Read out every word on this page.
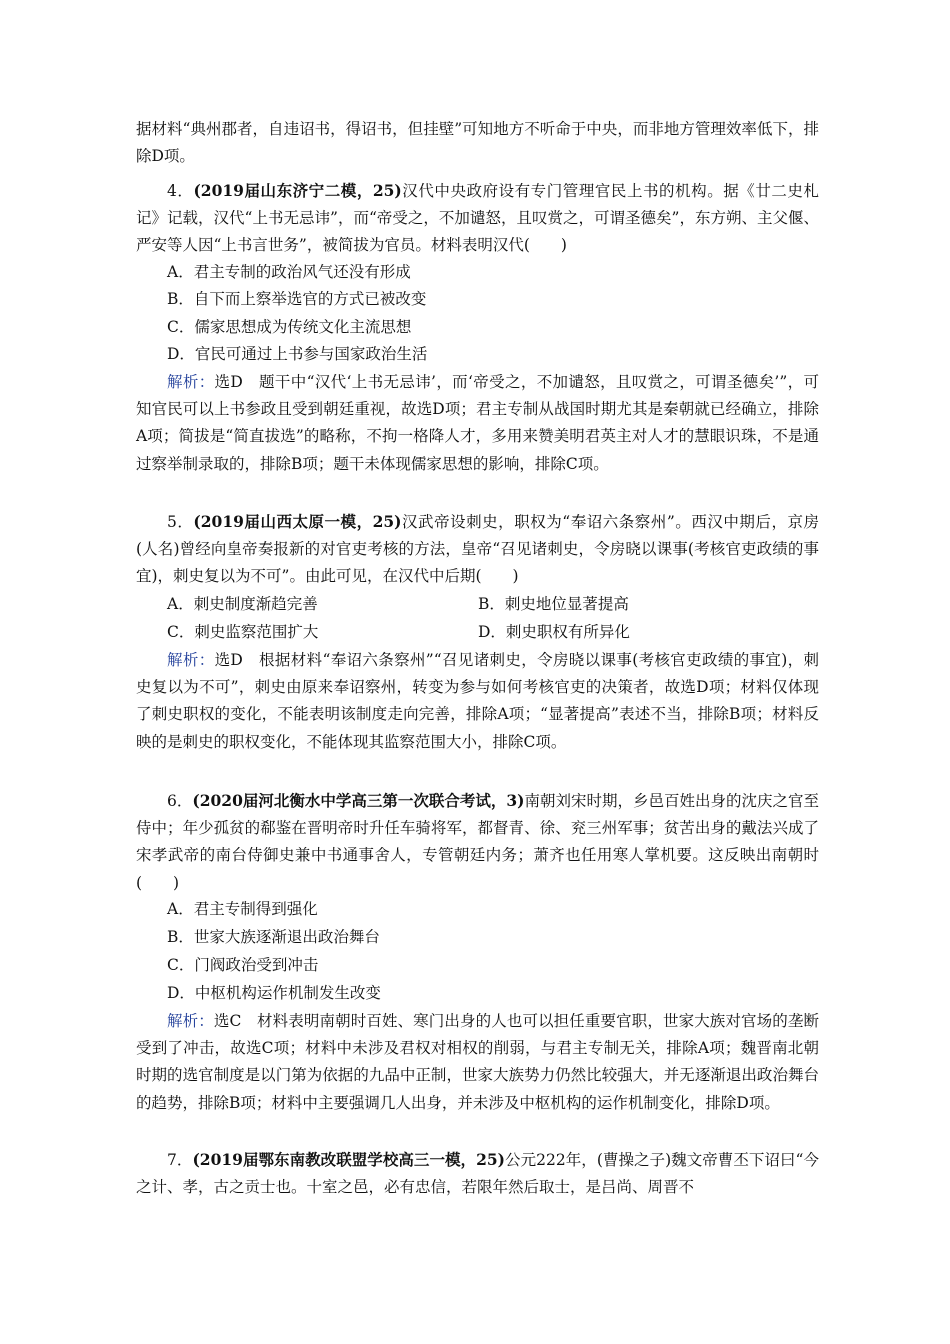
据材料“典州郡者，自违诏书，得诏书，但挂壁”可知地方不听命于中央，而非地方管理效率低下，排除D项。

4．(2019届山东济宁二模，25)汉代中央政府设有专门管理官民上书的机构。据《廿二史札记》记载，汉代“上书无忌讳”，而“帝受之，不加谴怒，且叹赏之，可谓圣德矣”，东方朔、主父偃、严安等人因“上书言世务”，被简拔为官员。材料表明汉代(　　)

A．君主专制的政治风气还没有形成

B．自下而上察举选官的方式已被改变

C．儒家思想成为传统文化主流思想

D．官民可通过上书参与国家政治生活

解析：选D　题干中“汉代‘上书无忌讳’，而‘帝受之，不加谴怒，且叹赏之，可谓圣德矣’”，可知官民可以上书参政且受到朝廷重视，故选D项；君主专制从战国时期尤其是秦朝就已经确立，排除A项；简拔是“简直拔选”的略称，不拘一格降人才，多用来赞美明君英主对人才的慧眼识珠，不是通过察举制录取的，排除B项；题干未体现儒家思想的影响，排除C项。

5．(2019届山西太原一模，25)汉武帝设刺史，职权为“奉诏六条察州”。西汉中期后，京房(人名)曾经向皇帝奏报新的对官吏考核的方法，皇帝“召见诸刺史，令房晓以课事(考核官吏政绩的事宜)，刺史复以为不可”。由此可见，在汉代中后期(　　)

A．刺史制度渐趋完善	B．刺史地位显著提高

C．刺史监察范围扩大	D．刺史职权有所异化

解析：选D　根据材料“奉诏六条察州”“召见诸刺史，令房晓以课事(考核官吏政绩的事宜)，刺史复以为不可”，刺史由原来奉诏察州，转变为参与如何考核官吏的决策者，故选D项；材料仅体现了刺史职权的变化，不能表明该制度走向完善，排除A项；“显著提高”表述不当，排除B项；材料反映的是刺史的职权变化，不能体现其监察范围大小，排除C项。

6．(2020届河北衡水中学高三第一次联合考试，3)南朝刘宋时期，乡邑百姓出身的沈庆之官至侍中；年少孤贫的郗鉴在晋明帝时升任车骑将军，都督青、徐、兖三州军事；贫苦出身的戴法兴成了宋孝武帝的南台侍御史兼中书通事舍人，专管朝廷内务；萧齐也任用寒人掌机要。这反映出南朝时(　　)

A．君主专制得到强化

B．世家大族逐渐退出政治舞台

C．门阀政治受到冲击

D．中枢机构运作机制发生改变

解析：选C　材料表明南朝时百姓、寒门出身的人也可以担任重要官职，世家大族对官场的垄断受到了冲击，故选C项；材料中未涉及君权对相权的削弱，与君主专制无关，排除A项；魏晋南北朝时期的选官制度是以门第为依据的九品中正制，世家大族势力仍然比较强大，并无逐渐退出政治舞台的趋势，排除B项；材料中主要强调几人出身，并未涉及中枢机构的运作机制变化，排除D项。

7．(2019届鄂东南教改联盟学校高三一模，25)公元222年，(曹操之子)魏文帝曹丕下诏曰“今之计、孝，古之贡士也。十室之邑，必有忠信，若限年然后取士，是吕尚、周晋不
